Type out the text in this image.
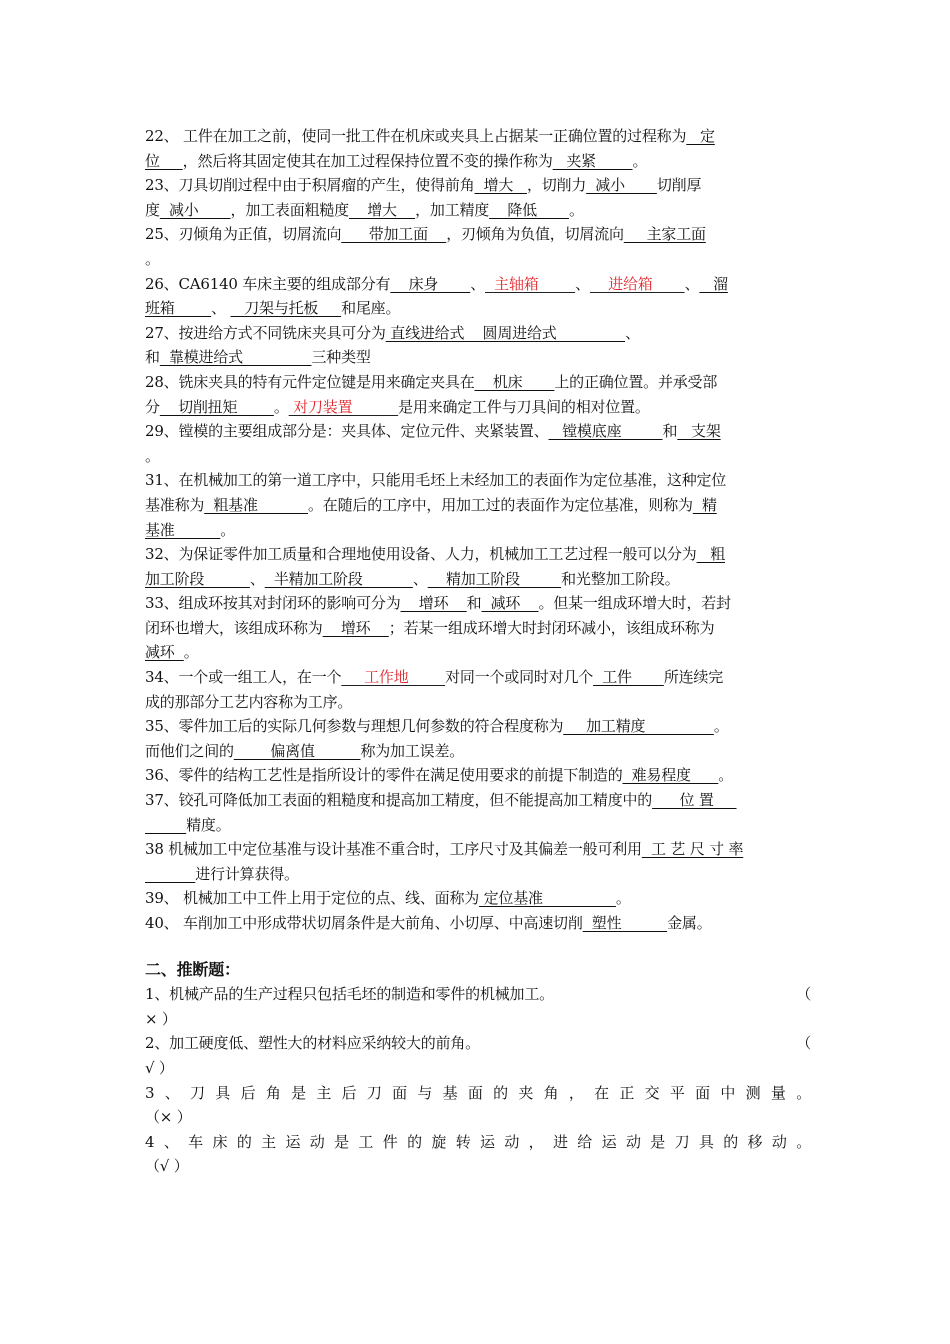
22、 工件在加工之前，使同一批工件在机床或夹具上占据某一正确位置的过程称为   定
位     ，然后将其固定使其在加工过程保持位置不变的操作称为   夹紧        。
23、刀具切削过程中由于积屑瘤的产生，使得前角  增大   ，切削力  减小       切削厚
度  减小       ，加工表面粗糙度    增大    ，加工精度    降低       。
25、刃倾角为正值，切屑流向      带加工面    ，刃倾角为负值，切屑流向     主家工面
。
26、CA6140 车床主要的组成部分有    床身       、  主轴箱        、    进给箱       、   溜
班箱        、    刀架与托板     和尾座。
27、按进给方式不同铣床夹具可分为 直线进给式    圆周进给式               、
和  靠模进给式               三种类型
28、铣床夹具的特有元件定位键是用来确定夹具在    机床       上的正确位置。并承受部
分    切削扭矩        。 对刀装置          是用来确定工件与刀具间的相对位置。
29、镗模的主要组成部分是：夹具体、定位元件、夹紧装置、   镗模底座         和   支架
。
31、在机械加工的第一道工序中，只能用毛坯上未经加工的表面作为定位基准，这种定位
基准称为  粗基准           。在随后的工序中，用加工过的表面作为定位基准，则称为  精
基准          。
32、为保证零件加工质量和合理地使用设备、人力，机械加工工艺过程一般可以分为   粗
加工阶段          、  半精加工阶段           、    精加工阶段         和光整加工阶段。
33、组成环按其对封闭环的影响可分为    增环    和  减环    。但某一组成环增大时，若封
闭环也增大，该组成环称为    增环    ；若某一组成环增大时封闭环减小，该组成环称为
减环  。
34、一个或一组工人，在一个     工作地        对同一个或同时对几个  工件       所连续完
成的那部分工艺内容称为工序。
35、零件加工后的实际几何参数与理想几何参数的符合程度称为     加工精度               。
而他们之间的        偏离值          称为加工误差。
36、零件的结构工艺性是指所设计的零件在满足使用要求的前提下制造的  难易程度      。
37、铰孔可降低加工表面的粗糙度和提高加工精度，但不能提高加工精度中的      位 置
精度。
38 机械加工中定位基准与设计基准不重合时，工序尺寸及其偏差一般可利用  工 艺 尺 寸 率
进行计算获得。
39、 机械加工中工件上用于定位的点、线、面称为 定位基准                。
40、 车削加工中形成带状切屑条件是大前角、小切厚、中高速切削  塑性          金属。
二、推断题：
1、机械产品的生产过程只包括毛坯的制造和零件的机械加工。	（
× ）
2、加工硬度低、塑性大的材料应采纳较大的前角。	（
√ ）
3、刀具后角是主后刀面与基面的夹角，在正交平面中测量。
（× ）
4、车床的主运动是工件的旋转运动，进给运动是刀具的移动。
（√ ）
